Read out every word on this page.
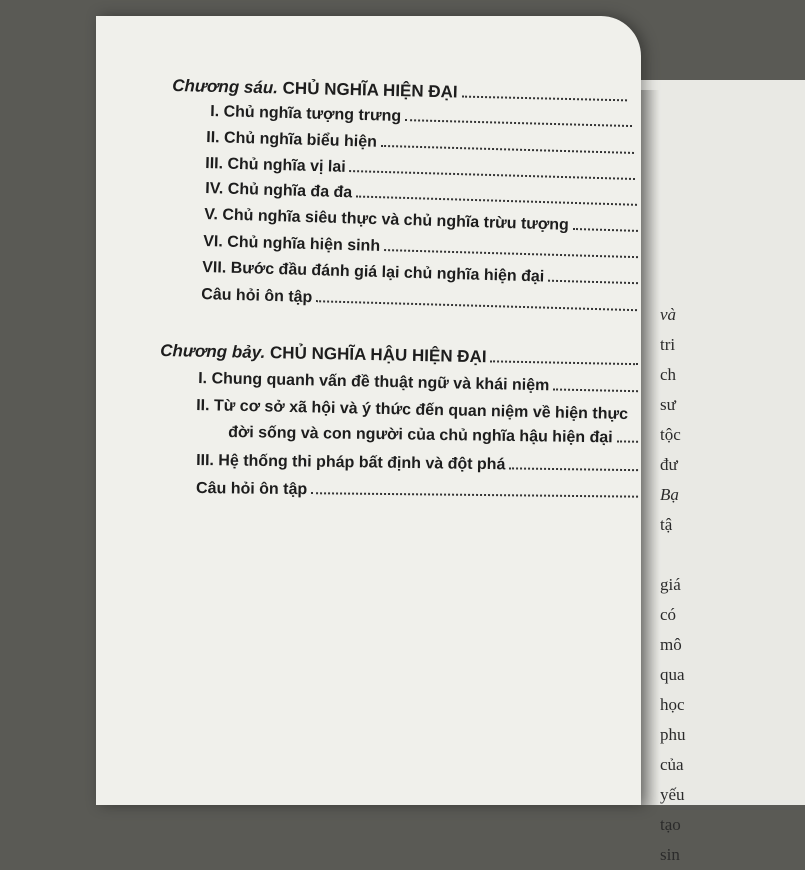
và
tri
ch
sư
tộc
đư
Bạ
tậ
giá
có
mô
qua
học
phu
của
yếu
tạo
sin
Chương sáu. CHỦ NGHĨA HIỆN ĐẠI
I. Chủ nghĩa tượng trưng
II. Chủ nghĩa biểu hiện
III. Chủ nghĩa vị lai
IV. Chủ nghĩa đa đa
V. Chủ nghĩa siêu thực và chủ nghĩa trừu tượng
VI. Chủ nghĩa hiện sinh
VII. Bước đầu đánh giá lại chủ nghĩa hiện đại
Câu hỏi ôn tập
Chương bảy. CHỦ NGHĨA HẬU HIỆN ĐẠI
I. Chung quanh vấn đề thuật ngữ và khái niệm
II. Từ cơ sở xã hội và ý thức đến quan niệm về hiện thực
đời sống và con người của chủ nghĩa hậu hiện đại
III. Hệ thống thi pháp bất định và đột phá
Câu hỏi ôn tập
